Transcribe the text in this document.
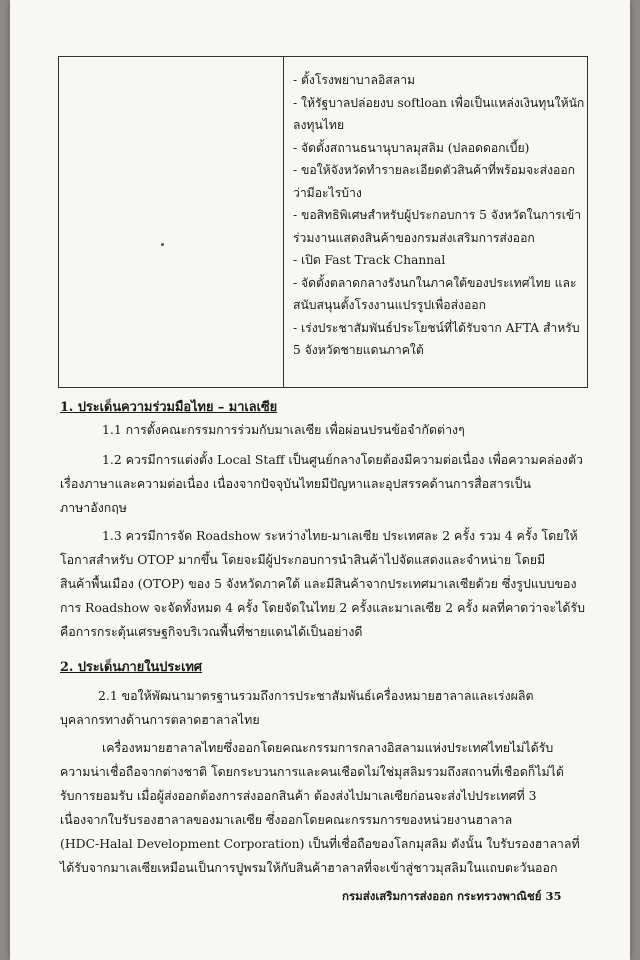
- ตั้งโรงพยาบาลอิสลาม
- ให้รัฐบาลปล่อยงบ softloan เพื่อเป็นแหล่งเงินทุนให้นัก
ลงทุนไทย
- จัดตั้งสถานธนานุบาลมุสลิม (ปลอดดอกเบี้ย)
- ขอให้จังหวัดทำรายละเอียดตัวสินค้าที่พร้อมจะส่งออก
ว่ามีอะไรบ้าง
- ขอสิทธิพิเศษสำหรับผู้ประกอบการ 5 จังหวัดในการเข้า
ร่วมงานแสดงสินค้าของกรมส่งเสริมการส่งออก
- เปิด Fast Track Channal
- จัดตั้งตลาดกลางรังนกในภาคใต้ของประเทศไทย และ
สนับสนุนตั้งโรงงานแปรรูปเพื่อส่งออก
- เร่งประชาสัมพันธ์ประโยชน์ที่ได้รับจาก AFTA สำหรับ
5 จังหวัดชายแดนภาคใต้
1. ประเด็นความร่วมมือไทย – มาเลเซีย
1.1 การตั้งคณะกรรมการร่วมกับมาเลเซีย เพื่อผ่อนปรนข้อจำกัดต่างๆ
1.2 ควรมีการแต่งตั้ง Local Staff เป็นศูนย์กลางโดยต้องมีความต่อเนื่อง เพื่อความคล่องตัว
เรื่องภาษาและความต่อเนื่อง เนื่องจากปัจจุบันไทยมีปัญหาและอุปสรรคด้านการสื่อสารเป็น
ภาษาอังกฤษ
1.3 ควรมีการจัด Roadshow ระหว่างไทย-มาเลเซีย ประเทศละ 2 ครั้ง รวม 4 ครั้ง โดยให้
โอกาสสำหรับ OTOP มากขึ้น โดยจะมีผู้ประกอบการนำสินค้าไปจัดแสดงและจำหน่าย โดยมี
สินค้าพื้นเมือง (OTOP) ของ 5 จังหวัดภาคใต้ และมีสินค้าจากประเทศมาเลเซียด้วย ซึ่งรูปแบบของ
การ Roadshow จะจัดทั้งหมด 4 ครั้ง โดยจัดในไทย 2 ครั้งและมาเลเซีย 2 ครั้ง ผลที่คาดว่าจะได้รับ
คือการกระตุ้นเศรษฐกิจบริเวณพื้นที่ชายแดนได้เป็นอย่างดี
2. ประเด็นภายในประเทศ
2.1 ขอให้พัฒนามาตรฐานรวมถึงการประชาสัมพันธ์เครื่องหมายฮาลาลและเร่งผลิต
บุคลากรทางด้านการตลาดฮาลาลไทย
เครื่องหมายฮาลาลไทยซึ่งออกโดยคณะกรรมการกลางอิสลามแห่งประเทศไทยไม่ได้รับ
ความน่าเชื่อถือจากต่างชาติ โดยกระบวนการและคนเชือดไม่ใช่มุสลิมรวมถึงสถานที่เชือดก็ไม่ได้
รับการยอมรับ เมื่อผู้ส่งออกต้องการส่งออกสินค้า ต้องส่งไปมาเลเซียก่อนจะส่งไปประเทศที่ 3
เนื่องจากใบรับรองฮาลาลของมาเลเซีย ซึ่งออกโดยคณะกรรมการของหน่วยงานฮาลาล
(HDC-Halal Development Corporation) เป็นที่เชื่อถือของโลกมุสลิม ดังนั้น ใบรับรองฮาลาลที่
ได้รับจากมาเลเซียเหมือนเป็นการปูพรมให้กับสินค้าฮาลาลที่จะเข้าสู่ชาวมุสลิมในแถบตะวันออก
กรมส่งเสริมการส่งออก กระทรวงพาณิชย์ 35
